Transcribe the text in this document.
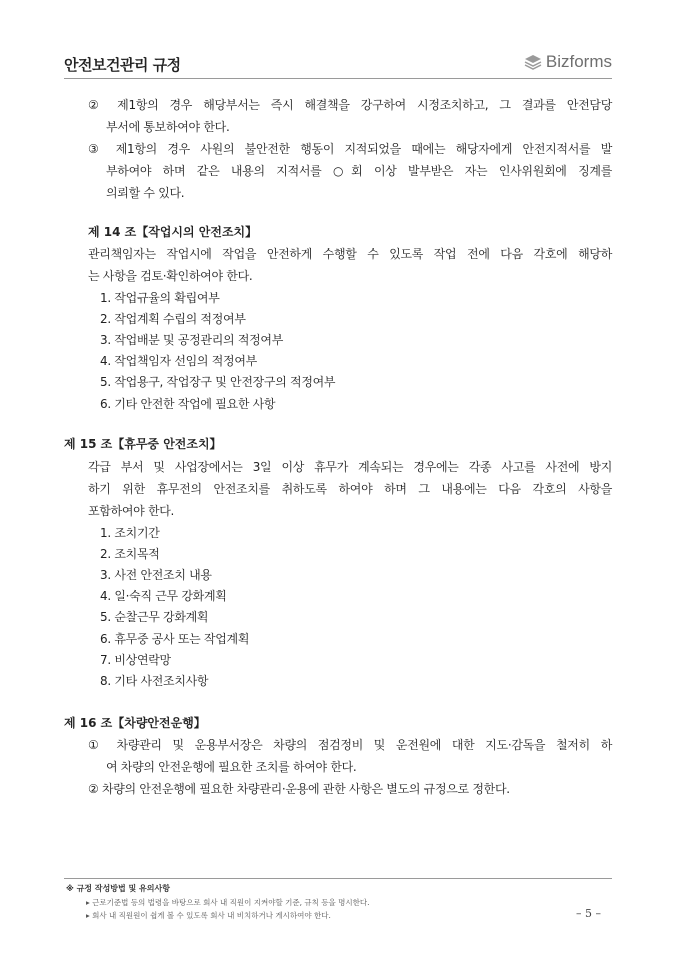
안전보건관리 규정	Bizforms
② 제1항의 경우 해당부서는 즉시 해결책을 강구하여 시정조치하고, 그 결과를 안전담당
부서에 통보하여야 한다.
③ 제1항의 경우 사원의 불안전한 행동이 지적되었을 때에는 해당자에게 안전지적서를 발
부하여야 하며 같은 내용의 지적서를 ○회 이상 발부받은 자는 인사위원회에 징계를
의뢰할 수 있다.
제 14 조【작업시의 안전조치】
관리책임자는 작업시에 작업을 안전하게 수행할 수 있도록 작업 전에 다음 각호에 해당하
는 사항을 검토·확인하여야 한다.
1. 작업규율의 확립여부
2. 작업계획 수립의 적정여부
3. 작업배분 및 공정관리의 적정여부
4. 작업책임자 선임의 적정여부
5. 작업용구, 작업장구 및 안전장구의 적정여부
6. 기타 안전한 작업에 필요한 사항
제 15 조【휴무중 안전조치】
각급 부서 및 사업장에서는 3일 이상 휴무가 계속되는 경우에는 각종 사고를 사전에 방지
하기 위한 휴무전의 안전조치를 취하도록 하여야 하며 그 내용에는 다음 각호의 사항을
포함하여야 한다.
1. 조치기간
2. 조치목적
3. 사전 안전조치 내용
4. 일·숙직 근무 강화계획
5. 순찰근무 강화계획
6. 휴무중 공사 또는 작업계획
7. 비상연락망
8. 기타 사전조치사항
제 16 조【차량안전운행】
① 차량관리 및 운용부서장은 차량의 점검정비 및 운전원에 대한 지도·감독을 철저히 하
여 차량의 안전운행에 필요한 조치를 하여야 한다.
② 차량의 안전운행에 필요한 차량관리·운용에 관한 사항은 별도의 규정으로 정한다.
※ 규정 작성방법 및 유의사항
▸ 근로기준법 등의 법령을 바탕으로 회사 내 직원이 지켜야할 기준, 규칙 등을 명시한다.
▸ 회사 내 직원원이 쉽게 볼 수 있도록 회사 내 비치하거나 게시하여야 한다.	– 5 –
